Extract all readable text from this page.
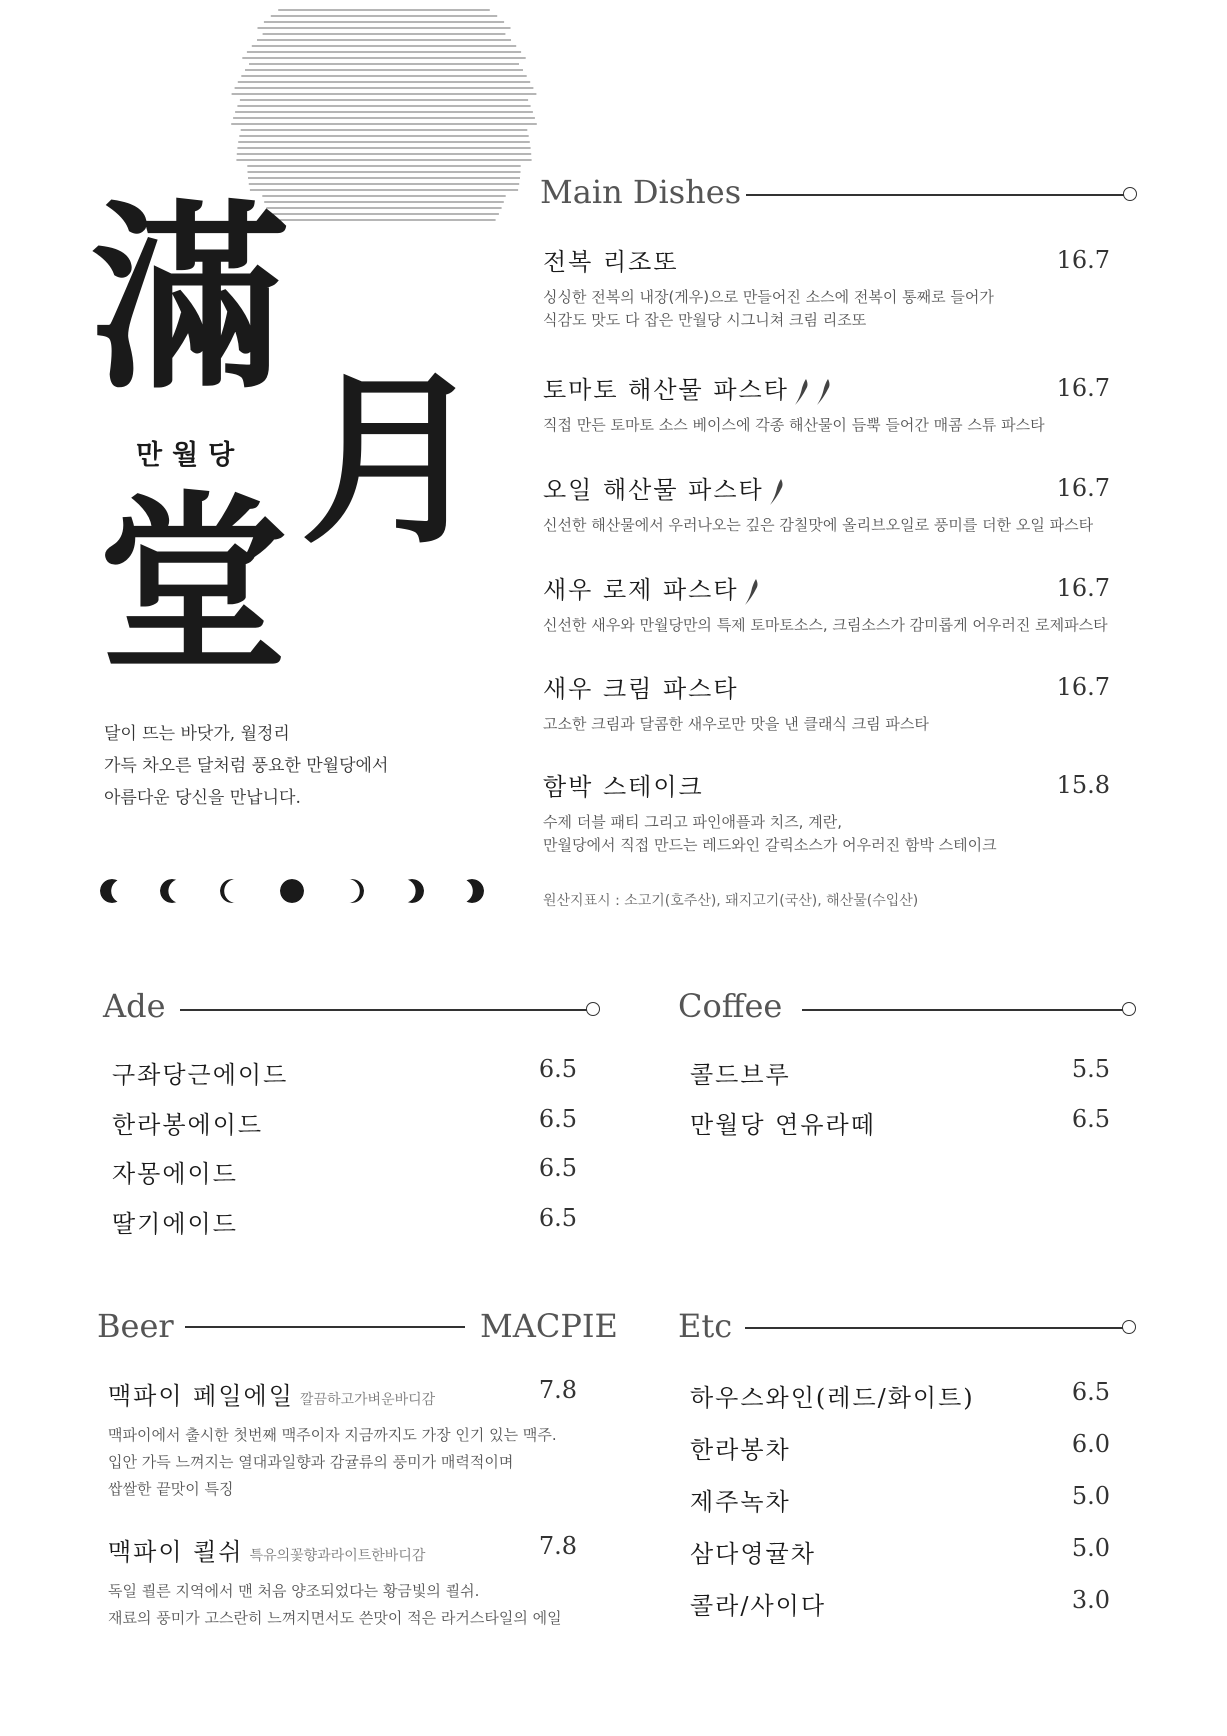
滿
만월당 月
堂
달이 뜨는 바닷가, 월정리
가득 차오른 달처럼 풍요한 만월당에서
아름다운 당신을 만납니다.
Main Dishes
전복 리조또	16.7
싱싱한 전복의 내장(게우)으로 만들어진 소스에 전복이 통째로 들어가
식감도 맛도 다 잡은 만월당 시그니쳐 크림 리조또
토마토 해산물 파스타	16.7
직접 만든 토마토 소스 베이스에 각종 해산물이 듬뿍 들어간 매콤 스튜 파스타
오일 해산물 파스타	16.7
신선한 해산물에서 우러나오는 깊은 감칠맛에 올리브오일로 풍미를 더한 오일 파스타
새우 로제 파스타	16.7
신선한 새우와 만월당만의 특제 토마토소스, 크림소스가 감미롭게 어우러진 로제파스타
새우 크림 파스타	16.7
고소한 크림과 달콤한 새우로만 맛을 낸 클래식 크림 파스타
함박 스테이크	15.8
수제 더블 패티 그리고 파인애플과 치즈, 계란,
만월당에서 직접 만드는 레드와인 갈릭소스가 어우러진 함박 스테이크
원산지표시 : 소고기(호주산), 돼지고기(국산), 해산물(수입산)
Ade
구좌당근에이드	6.5
한라봉에이드	6.5
자몽에이드	6.5
딸기에이드	6.5
Coffee
콜드브루	5.5
만월당 연유라떼	6.5
Beer	MACPIE
맥파이 페일에일 깔끔하고가벼운바디감	7.8
맥파이에서 출시한 첫번째 맥주이자 지금까지도 가장 인기 있는 맥주.
입안 가득 느껴지는 열대과일향과 감귤류의 풍미가 매력적이며
쌉쌀한 끝맛이 특징
맥파이 쾰쉬 특유의꽃향과라이트한바디감	7.8
독일 쾰른 지역에서 맨 처음 양조되었다는 황금빛의 쾰쉬.
재료의 풍미가 고스란히 느껴지면서도 쓴맛이 적은 라거스타일의 에일
Etc
하우스와인(레드/화이트)	6.5
한라봉차	6.0
제주녹차	5.0
삼다영귤차	5.0
콜라/사이다	3.0
